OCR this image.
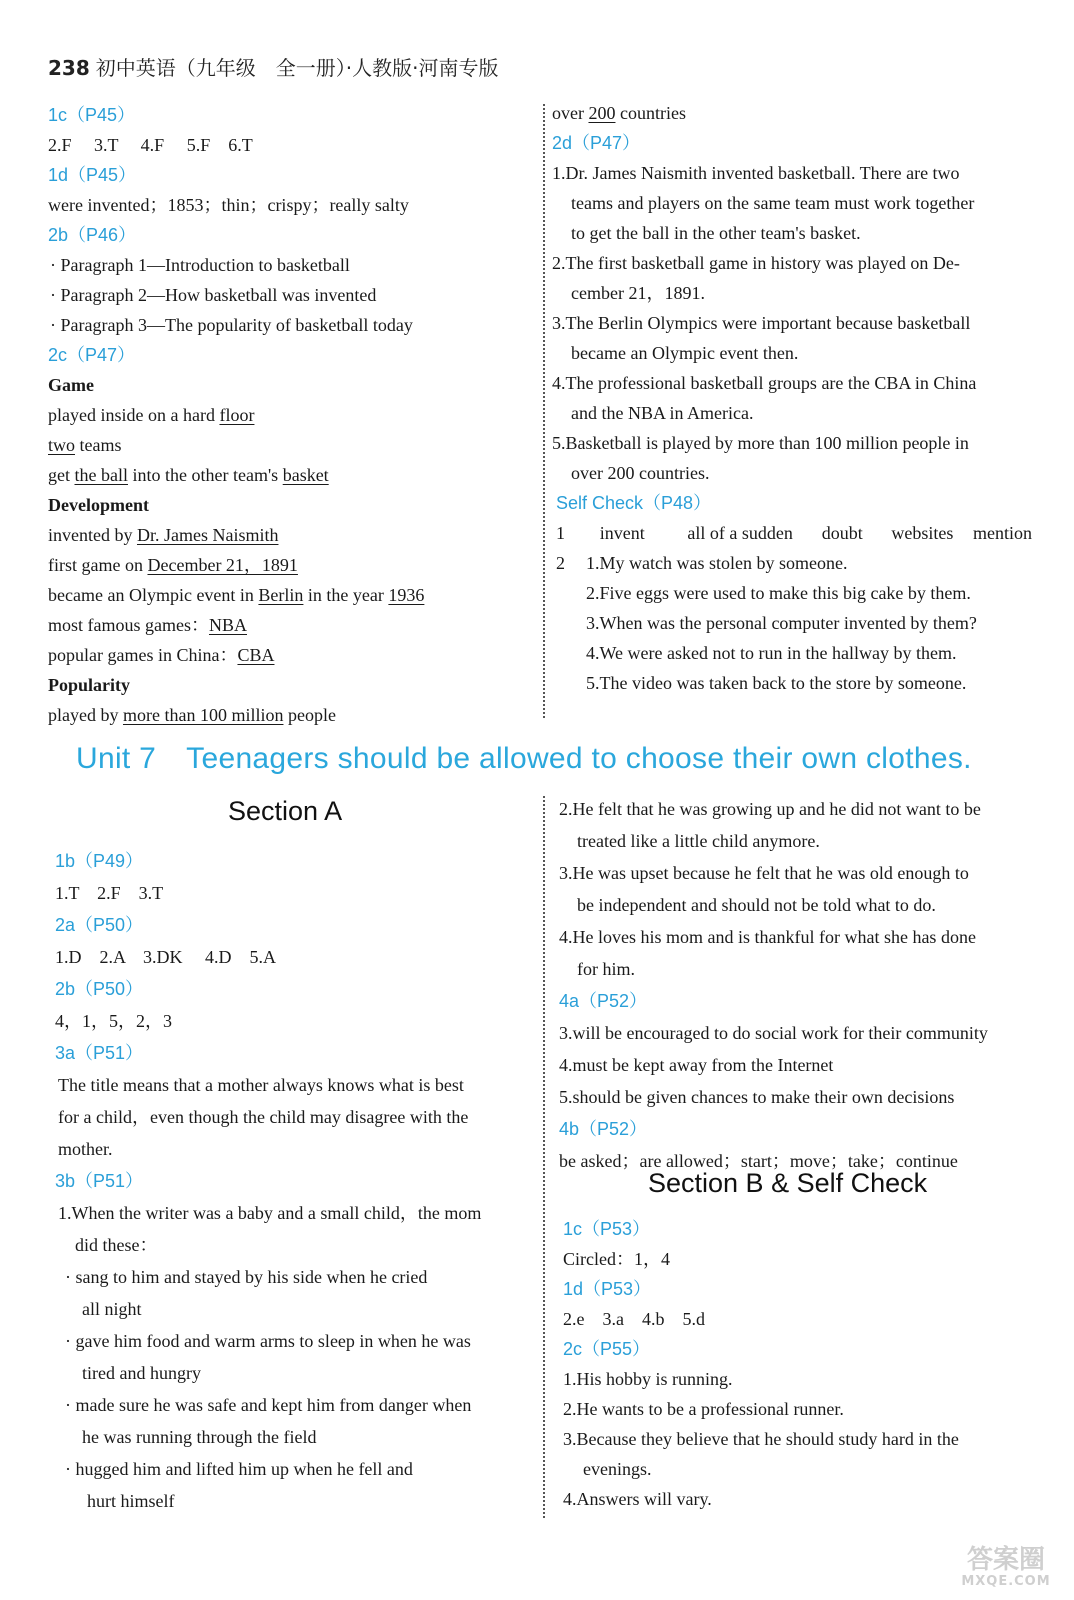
238 初中英语（九年级　全一册）·人教版·河南专版
1c（P45）
2.F　 3.T　 4.F　 5.F　6.T
1d（P45）
were invented；1853；thin；crispy；really salty
2b（P46）
· Paragraph 1—Introduction to basketball
· Paragraph 2—How basketball was invented
· Paragraph 3—The popularity of basketball today
2c（P47）
Game
played inside on a hard floor
two teams
get the ball into the other team's basket
Development
invented by Dr. James Naismith
first game on December 21，1891
became an Olympic event in Berlin in the year 1936
most famous games：NBA
popular games in China：CBA
Popularity
played by more than 100 million people
over 200 countries
2d（P47）
1.Dr. James Naismith invented basketball. There are two
teams and players on the same team must work together
to get the ball in the other team's basket.
2.The first basketball game in history was played on De-
cember 21，1891.
3.The Berlin Olympics were important because basketball
became an Olympic event then.
4.The professional basketball groups are the CBA in China
and the NBA in America.
5.Basketball is played by more than 100 million people in
over 200 countries.
Self Check（P48）
1	invent	all of a sudden	doubt	websites	mention
2	1.My watch was stolen by someone.
2.Five eggs were used to make this big cake by them.
3.When was the personal computer invented by them?
4.We were asked not to run in the hallway by them.
5.The video was taken back to the store by someone.
Unit 7 Teenagers should be allowed to choose their own clothes.
Section A
Section B & Self Check
1b（P49）
1.T　2.F　3.T
2a（P50）
1.D　2.A　3.DK　 4.D　5.A
2b（P50）
4，1，5，2，3
3a（P51）
The title means that a mother always knows what is best
for a child，even though the child may disagree with the
mother.
3b（P51）
1.When the writer was a baby and a small child，the mom
did these：
· sang to him and stayed by his side when he cried
all night
· gave him food and warm arms to sleep in when he was
tired and hungry
· made sure he was safe and kept him from danger when
he was running through the field
· hugged him and lifted him up when he fell and
hurt himself
2.He felt that he was growing up and he did not want to be
treated like a little child anymore.
3.He was upset because he felt that he was old enough to
be independent and should not be told what to do.
4.He loves his mom and is thankful for what she has done
for him.
4a（P52）
3.will be encouraged to do social work for their community
4.must be kept away from the Internet
5.should be given chances to make their own decisions
4b（P52）
be asked；are allowed；start；move；take；continue
1c（P53）
Circled：1，4
1d（P53）
2.e　3.a　4.b　5.d
2c（P55）
1.His hobby is running.
2.He wants to be a professional runner.
3.Because they believe that he should study hard in the
evenings.
4.Answers will vary.
答案圈
MXQE.COM
